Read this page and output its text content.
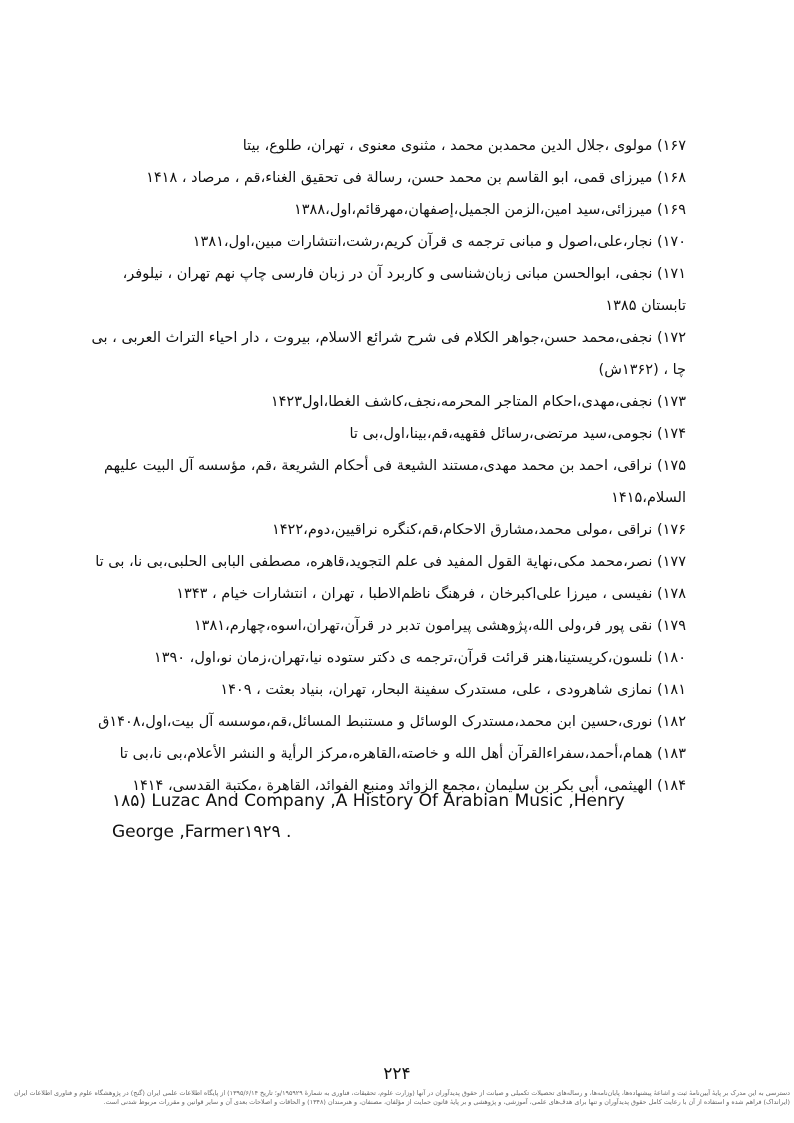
۱۶۷) مولوی ،جلال الدین محمدبن محمد ، مثنوی معنوی ، تهران، طلوع، بیتا
۱۶۸) میرزای قمی، ابو القاسم بن محمد حسن، رسالة فی تحقیق الغناء،قم ، مرصاد ، ۱۴۱۸
۱۶۹) میرزائی،سید امین،الزمن الجمیل،إصفهان،مهرقائم،اول،۱۳۸۸
۱۷۰) نجار،علی،اصول و مبانی ترجمه ی قرآن کریم،رشت،انتشارات مبین،اول،۱۳۸۱
۱۷۱) نجفی، ابوالحسن مبانی زبان‌شناسی و کاربرد آن در زبان فارسی چاپ نهم تهران ، نیلوفر، تابستان ۱۳۸۵
۱۷۲) نجفی،محمد حسن،جواهر الکلام فی شرح شرائع الاسلام، بیروت ، دار احیاء التراث العربی ، بی چا ، (۱۳۶۲ش)
۱۷۳) نجفی،مهدی،احکام المتاجر المحرمه،نجف،کاشف الغطا،اول۱۴۲۳
۱۷۴) نجومی،سید مرتضی،رسائل فقهیه،قم،بینا،اول،بی تا
۱۷۵) نراقی، احمد بن محمد مهدی،مستند الشیعة فی أحکام الشریعة ،قم، مؤسسه آل البیت علیهم السلام،۱۴۱۵
۱۷۶) نراقی ،مولی محمد،مشارق الاحکام،قم،کنگره نراقیین،دوم،۱۴۲۲
۱۷۷) نصر،محمد مکی،نهایة القول المفید فی علم التجوید،قاهره، مصطفی البابی الحلبی،بی نا، بی تا
۱۷۸) نفیسی ، میرزا علی‌اکبرخان ، فرهنگ ناظم‌الاطبا ، تهران ، انتشارات خیام ، ۱۳۴۳
۱۷۹) نقی پور فر،ولی الله،پژوهشی پیرامون تدبر در قرآن،تهران،اسوه،چهارم،۱۳۸۱
۱۸۰) نلسون،کریستینا،هنر قرائت قرآن،ترجمه ی دکتر ستوده نیا،تهران،زمان نو،اول، ۱۳۹۰
۱۸۱) نمازی شاهرودی ، علی، مستدرک سفینة البحار، تهران، بنیاد بعثت ، ۱۴۰۹
۱۸۲) نوری،حسین ابن محمد،مستدرک الوسائل و مستنبط المسائل،قم،موسسه آل بیت،اول،۱۴۰۸ق
۱۸۳) همام،أحمد،سفراءالقرآن أهل الله و خاصته،القاهره،مرکز الرأیة و النشر الأعلام،بی نا،بی تا
۱۸۴) الهیثمی، أبی بکر بن سلیمان ،مجمع الزوائد ومنبع الفوائد، القاهرة ،مکتبة القدسی، ۱۴۱۴
۱۸۵) Luzac And Company ,A History Of Arabian Music ,Henry George ,Farmer۱۹۲۹ .
۲۲۴
دسترسی به این مدرک بر پایهٔ آیین‌نامهٔ ثبت و اشاعهٔ پیشنهاده‌ها، پایان‌نامه‌ها، و رساله‌های تحصیلات تکمیلی و صیانت از حقوق پدیدآوران در آنها (وزارت علوم، تحقیقات، فناوری به شمارهٔ ۱۹۵۹۲۹/و؛ تاریخ ۱۳۹۵/۶/۱۴) از پایگاه اطلاعات علمی ایران (گنج) در پژوهشگاه علوم و فناوری اطلاعات ایران (ایرانداک) فراهم شده و استفاده از آن با رعایت کامل حقوق پدیدآوران و تنها برای هدف‌های علمی، آموزشی، و پژوهشی و بر پایهٔ قانون حمایت از مؤلفان، مصنفان، و هنرمندان (۱۳۴۸) و الحاقات و اصلاحات بعدی آن و سایر قوانین و مقررات مربوط شدنی است.
